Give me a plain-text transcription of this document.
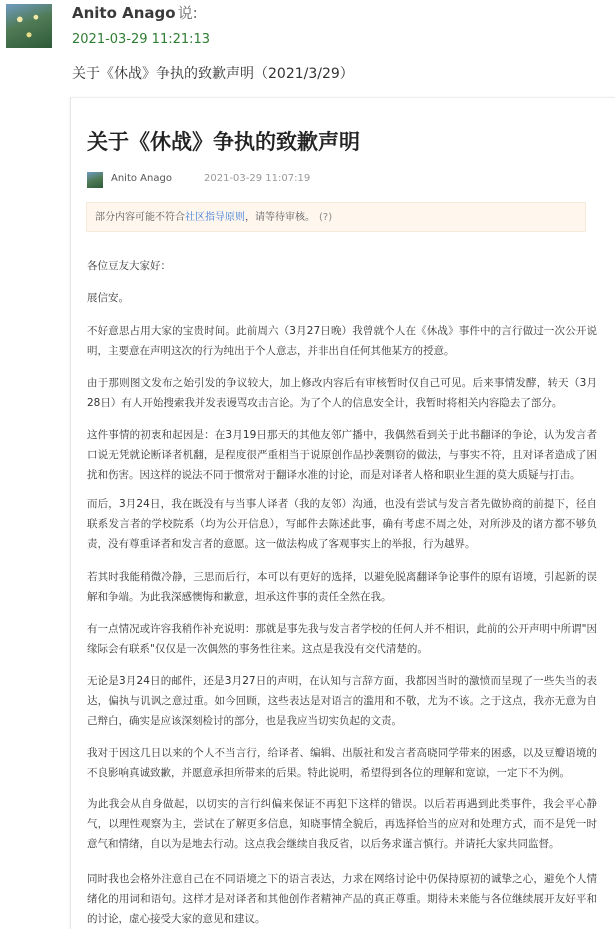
Anito Anago 说:
2021-03-29 11:21:13
关于《休战》争执的致歉声明（2021/3/29）
关于《休战》争执的致歉声明
Anito Anago	2021-03-29 11:07:19
部分内容可能不符合社区指导原则，请等待审核。 (?)

各位豆友大家好：

展信安。

不好意思占用大家的宝贵时间。此前周六（3月27日晚）我曾就个人在《休战》事件中的言行做过一次公开说明，主要意在声明这次的行为纯出于个人意志，并非出自任何其他某方的授意。

由于那则图文发布之始引发的争议较大，加上修改内容后有审核暂时仅自己可见。后来事情发酵，转天（3月28日）有人开始搜索我并发表谩骂攻击言论。为了个人的信息安全计，我暂时将相关内容隐去了部分。

这件事情的初衷和起因是：在3月19日那天的其他友邻广播中，我偶然看到关于此书翻译的争论，认为发言者口说无凭就论断译者机翻，是程度很严重相当于说原创作品抄袭剽窃的做法，与事实不符，且对译者造成了困扰和伤害。因这样的说法不同于惯常对于翻译水准的讨论，而是对译者人格和职业生涯的莫大质疑与打击。

而后，3月24日，我在既没有与当事人译者（我的友邻）沟通，也没有尝试与发言者先做协商的前提下，径自联系发言者的学校院系（均为公开信息），写邮件去陈述此事，确有考虑不周之处，对所涉及的诸方都不够负责，没有尊重译者和发言者的意愿。这一做法构成了客观事实上的举报，行为越界。

若其时我能稍微冷静，三思而后行，本可以有更好的选择，以避免脱离翻译争论事件的原有语境，引起新的误解和争端。为此我深感懊悔和歉意，坦承这件事的责任全然在我。

有一点情况或许容我稍作补充说明：那就是事先我与发言者学校的任何人并不相识，此前的公开声明中所谓"因缘际会有联系"仅仅是一次偶然的事务性往来。这点是我没有交代清楚的。

无论是3月24日的邮件，还是3月27日的声明，在认知与言辞方面，我都因当时的激愤而呈现了一些失当的表达，偏执与讥讽之意过重。如今回顾，这些表达是对语言的滥用和不敬，尤为不该。之于这点，我亦无意为自己辩白，确实是应该深刻检讨的部分，也是我应当切实负起的文责。

我对于因这几日以来的个人不当言行，给译者、编辑、出版社和发言者高晓同学带来的困惑，以及豆瓣语境的不良影响真诚致歉，并愿意承担所带来的后果。特此说明，希望得到各位的理解和宽谅，一定下不为例。

为此我会从自身做起，以切实的言行纠偏来保证不再犯下这样的错误。以后若再遇到此类事件，我会平心静气，以理性观察为主，尝试在了解更多信息，知晓事情全貌后，再选择恰当的应对和处理方式，而不是凭一时意气和情绪，自以为是地去行动。这点我会继续自我反省，以后务求谨言慎行。并请托大家共同监督。

同时我也会格外注意自己在不同语境之下的语言表达，力求在网络讨论中仍保持原初的诚挚之心，避免个人情绪化的用词和语句。这样才是对译者和其他创作者精神产品的真正尊重。期待未来能与各位继续展开友好平和的讨论，虚心接受大家的意见和建议。
